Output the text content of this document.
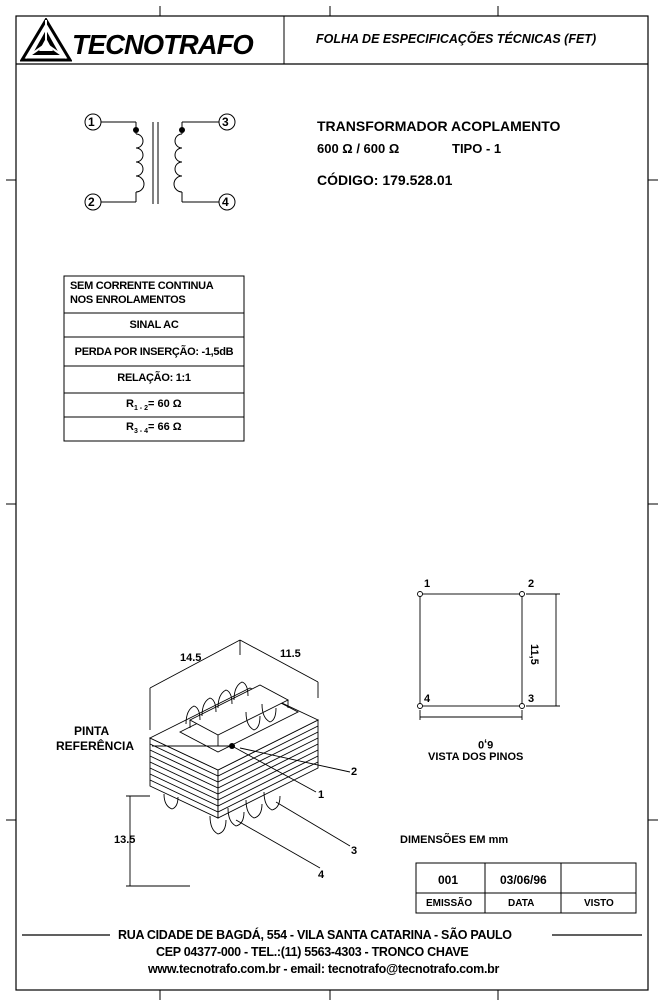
TECNOTRAFO	FOLHA DE ESPECIFICAÇÕES TÉCNICAS (FET)
1
2
3
4
TRANSFORMADOR ACOPLAMENTO
600 Ω / 600 Ω	TIPO - 1
CÓDIGO: 179.528.01
SEM CORRENTE CONTINUA
NOS ENROLAMENTOS
SINAL AC
PERDA POR INSERÇÃO: -1,5dB
RELAÇÃO: 1:1
$R_{1 - 2}= 60$ Ω
$R_{3 - 4}= 66$ Ω
14.5	11.5
13.5
PINTA
REFERÊNCIA
1
2
3
4
1	2
3
4
11,5
6,0
VISTA DOS PINOS
DIMENSÕES EM mm
001	03/06/96
EMISSÃO	DATA	VISTO
RUA CIDADE DE BAGDÁ, 554 - VILA SANTA CATARINA - SÃO PAULO
CEP 04377-000 - TEL.:(11) 5563-4303 - TRONCO CHAVE
www.tecnotrafo.com.br - email: tecnotrafo@tecnotrafo.com.br
